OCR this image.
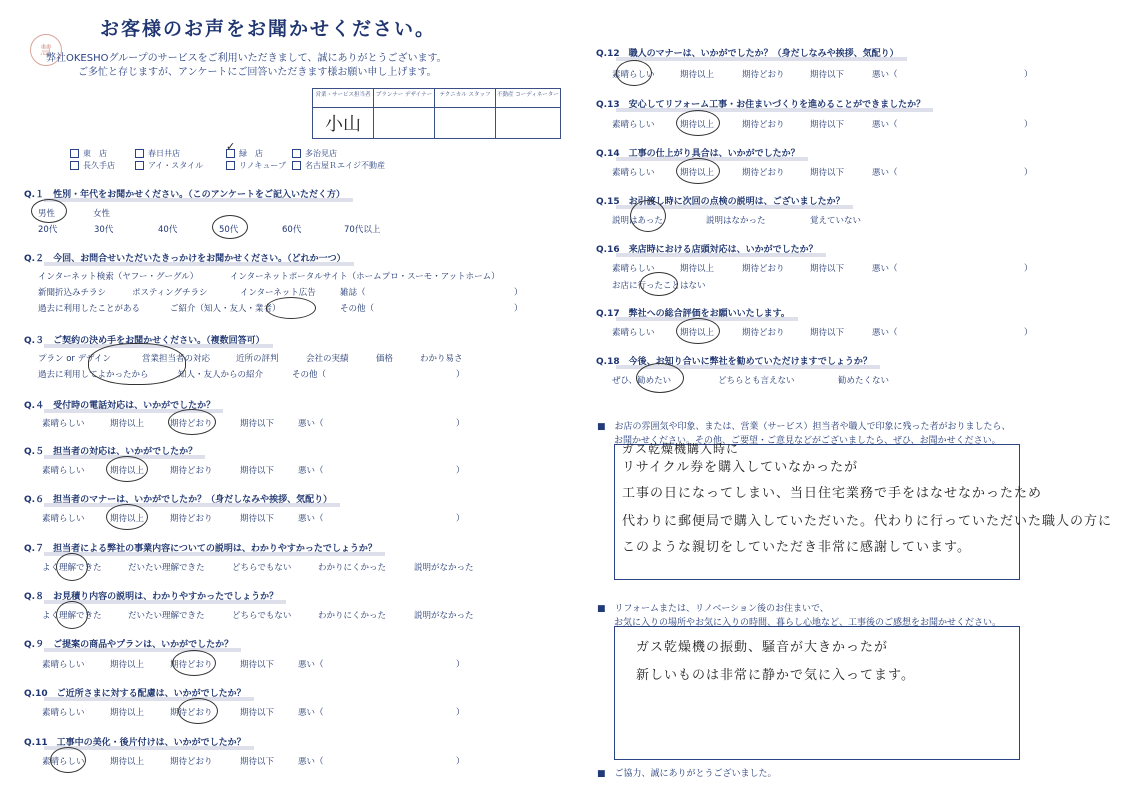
お客様のお声をお聞かせください。
慧
弊社OKESHOグループのサービスをご利用いただきまして、誠にありがとうございます。
ご多忙と存じますが、アンケートにご回答いただきます様お願い申し上げます。
営業・サービス担当者	プランナー デザイナー	テクニカル スタッフ	不動産 コーディネーター
小山			
東　店	春日井店	緑　店	多治見店
長久手店	アイ・スタイル	リノキューブ	名古屋Ｒエイジ不動産
✓
Q.１　性別・年代をお聞かせください。（このアンケートをご記入いただく方）
男性	女性
20代	30代	40代	50代	60代	70代以上
Q.２　今回、お問合せいただいたきっかけをお聞かせください。（どれか一つ）
インターネット検索（ヤフー・グーグル）	インターネットポータルサイト（ホームプロ・スーモ・アットホーム）
新聞折込みチラシ	ポスティングチラシ	インターネット広告	雑誌（	）
過去に利用したことがある	ご紹介（知人・友人・業者）	その他（	）
Q.３　ご契約の決め手をお聞かせください。（複数回答可）
プラン or デザイン	営業担当者の対応	近所の評判	会社の実績	価格	わかり易さ
過去に利用してよかったから	知人・友人からの紹介	その他（	）
Q.４　受付時の電話対応は、いかがでしたか？
素晴らしい	期待以上	期待どおり	期待以下	悪い（	）
Q.５　担当者の対応は、いかがでしたか？
素晴らしい	期待以上	期待どおり	期待以下	悪い（	）
Q.６　担当者のマナーは、いかがでしたか？（身だしなみや挨拶、気配り）
素晴らしい	期待以上	期待どおり	期待以下	悪い（	）
Q.７　担当者による弊社の事業内容についての説明は、わかりやすかったでしょうか？
よく理解できた	だいたい理解できた	どちらでもない	わかりにくかった	説明がなかった
Q.８　お見積り内容の説明は、わかりやすかったでしょうか？
よく理解できた	だいたい理解できた	どちらでもない	わかりにくかった	説明がなかった
Q.９　ご提案の商品やプランは、いかがでしたか？
素晴らしい	期待以上	期待どおり	期待以下	悪い（	）
Q.10　ご近所さまに対する配慮は、いかがでしたか？
素晴らしい	期待以上	期待どおり	期待以下	悪い（	）
Q.11　工事中の美化・後片付けは、いかがでしたか？
素晴らしい	期待以上	期待どおり	期待以下	悪い（	）
Q.12　職人のマナーは、いかがでしたか？（身だしなみや挨拶、気配り）
素晴らしい	期待以上	期待どおり	期待以下	悪い（	）
Q.13　安心してリフォーム工事・お住まいづくりを進めることができましたか？
素晴らしい	期待以上	期待どおり	期待以下	悪い（	）
Q.14　工事の仕上がり具合は、いかがでしたか？
素晴らしい	期待以上	期待どおり	期待以下	悪い（	）
Q.15　お引渡し時に次回の点検の説明は、ございましたか？
説明はあった	説明はなかった	覚えていない
Q.16　来店時における店頭対応は、いかがでしたか？
素晴らしい	期待以上	期待どおり	期待以下	悪い（	）
お店に行ったことはない
Q.17　弊社への総合評価をお願いいたします。
素晴らしい	期待以上	期待どおり	期待以下	悪い（	）
Q.18　今後、お知り合いに弊社を勧めていただけますでしょうか？
ぜひ、勧めたい	どちらとも言えない	勧めたくない
■　お店の雰囲気や印象、または、営業（サービス）担当者や職人で印象に残った者がおりましたら、
お聞かせください。その他、ご要望・ご意見などがございましたら、ぜひ、お聞かせください。
ガス乾燥機購入時に
リサイクル券を購入していなかったが
工事の日になってしまい、当日住宅業務で手をはなせなかったため
代わりに郵便局で購入していただいた。代わりに行っていただいた職人の方に
このような親切をしていただき非常に感謝しています。
■　リフォームまたは、リノベーション後のお住まいで、
お気に入りの場所やお気に入りの時間、暮らし心地など、工事後のご感想をお聞かせください。
ガス乾燥機の振動、騒音が大きかったが
新しいものは非常に静かで気に入ってます。
■　ご協力、誠にありがとうございました。
